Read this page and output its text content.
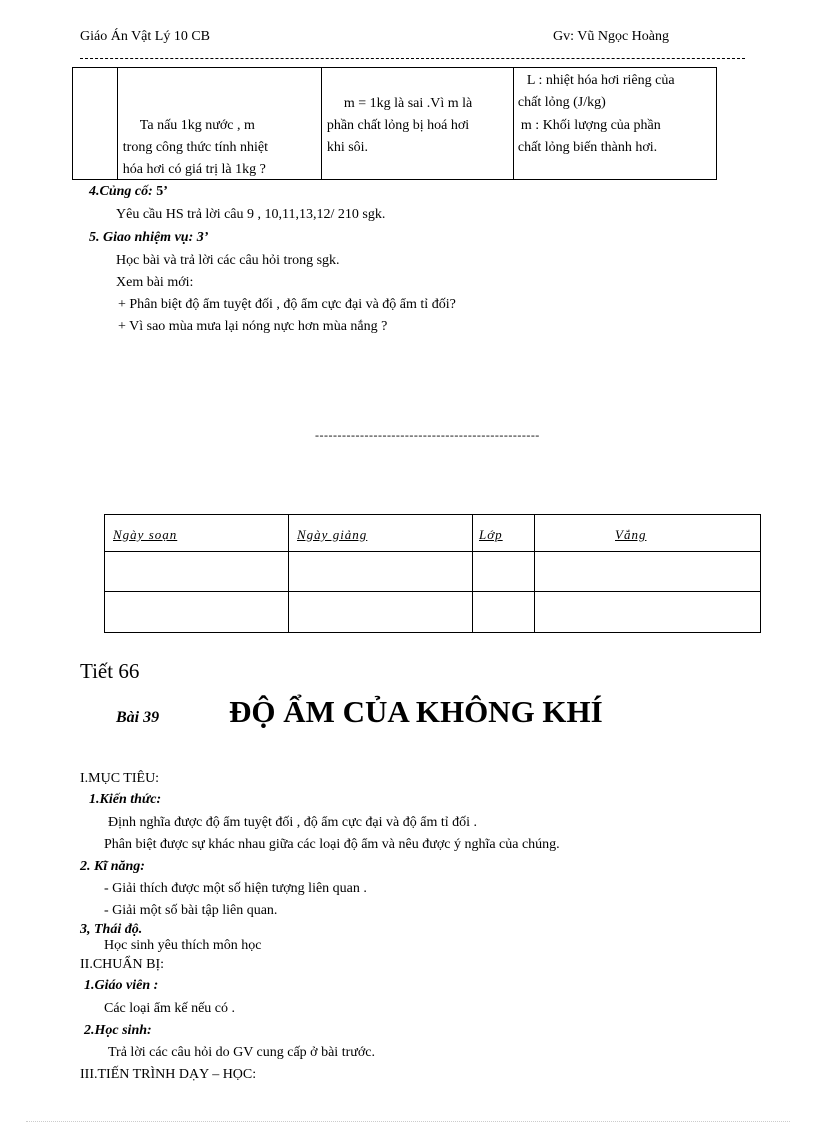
Giáo Án Vật Lý 10 CB	Gv: Vũ Ngọc Hoàng

Ta nấu 1kg nước , m
trong công thức tính nhiệt
hóa hơi có giá trị là 1kg ?

m = 1kg là sai .Vì m là
phần chất lỏng bị hoá hơi
khi sôi.

L : nhiệt hóa hơi riêng của
chất lỏng (J/kg)
m : Khối lượng của phần
chất lỏng biến thành hơi.
4.Củng cố: 5’
Yêu cầu HS trả lời câu 9 , 10,11,13,12/ 210 sgk.
5. Giao nhiệm vụ: 3’
Học bài và trả lời các câu hỏi trong sgk.
Xem bài mới:
+ Phân biệt độ ẩm tuyệt đối , độ ẩm cực đại và độ ẩm tỉ đối?
+ Vì sao mùa mưa lại nóng nực hơn mùa nắng ?
--------------------------------------------------
Ngày soạn	Ngày giảng	Lớp	Vắng

Tiết 66
Bài 39 ĐỘ ẨM CỦA KHÔNG KHÍ
I.MỤC TIÊU:
1.Kiến thức:
Định nghĩa được độ ẩm tuyệt đối , độ ẩm cực đại và độ ẩm tỉ đối .
Phân biệt được sự khác nhau giữa các loại độ ẩm và nêu được ý nghĩa của chúng.
2. Kĩ năng:
- Giải thích được một số hiện tượng liên quan .
- Giải một số bài tập liên quan.
3, Thái độ.
Học sinh yêu thích môn học
II.CHUẨN BỊ:
1.Giáo viên :
Các loại ẩm kế nếu có .
2.Học sinh:
Trả lời các câu hỏi do GV cung cấp ở bài trước.
III.TIẾN TRÌNH DẠY – HỌC:
